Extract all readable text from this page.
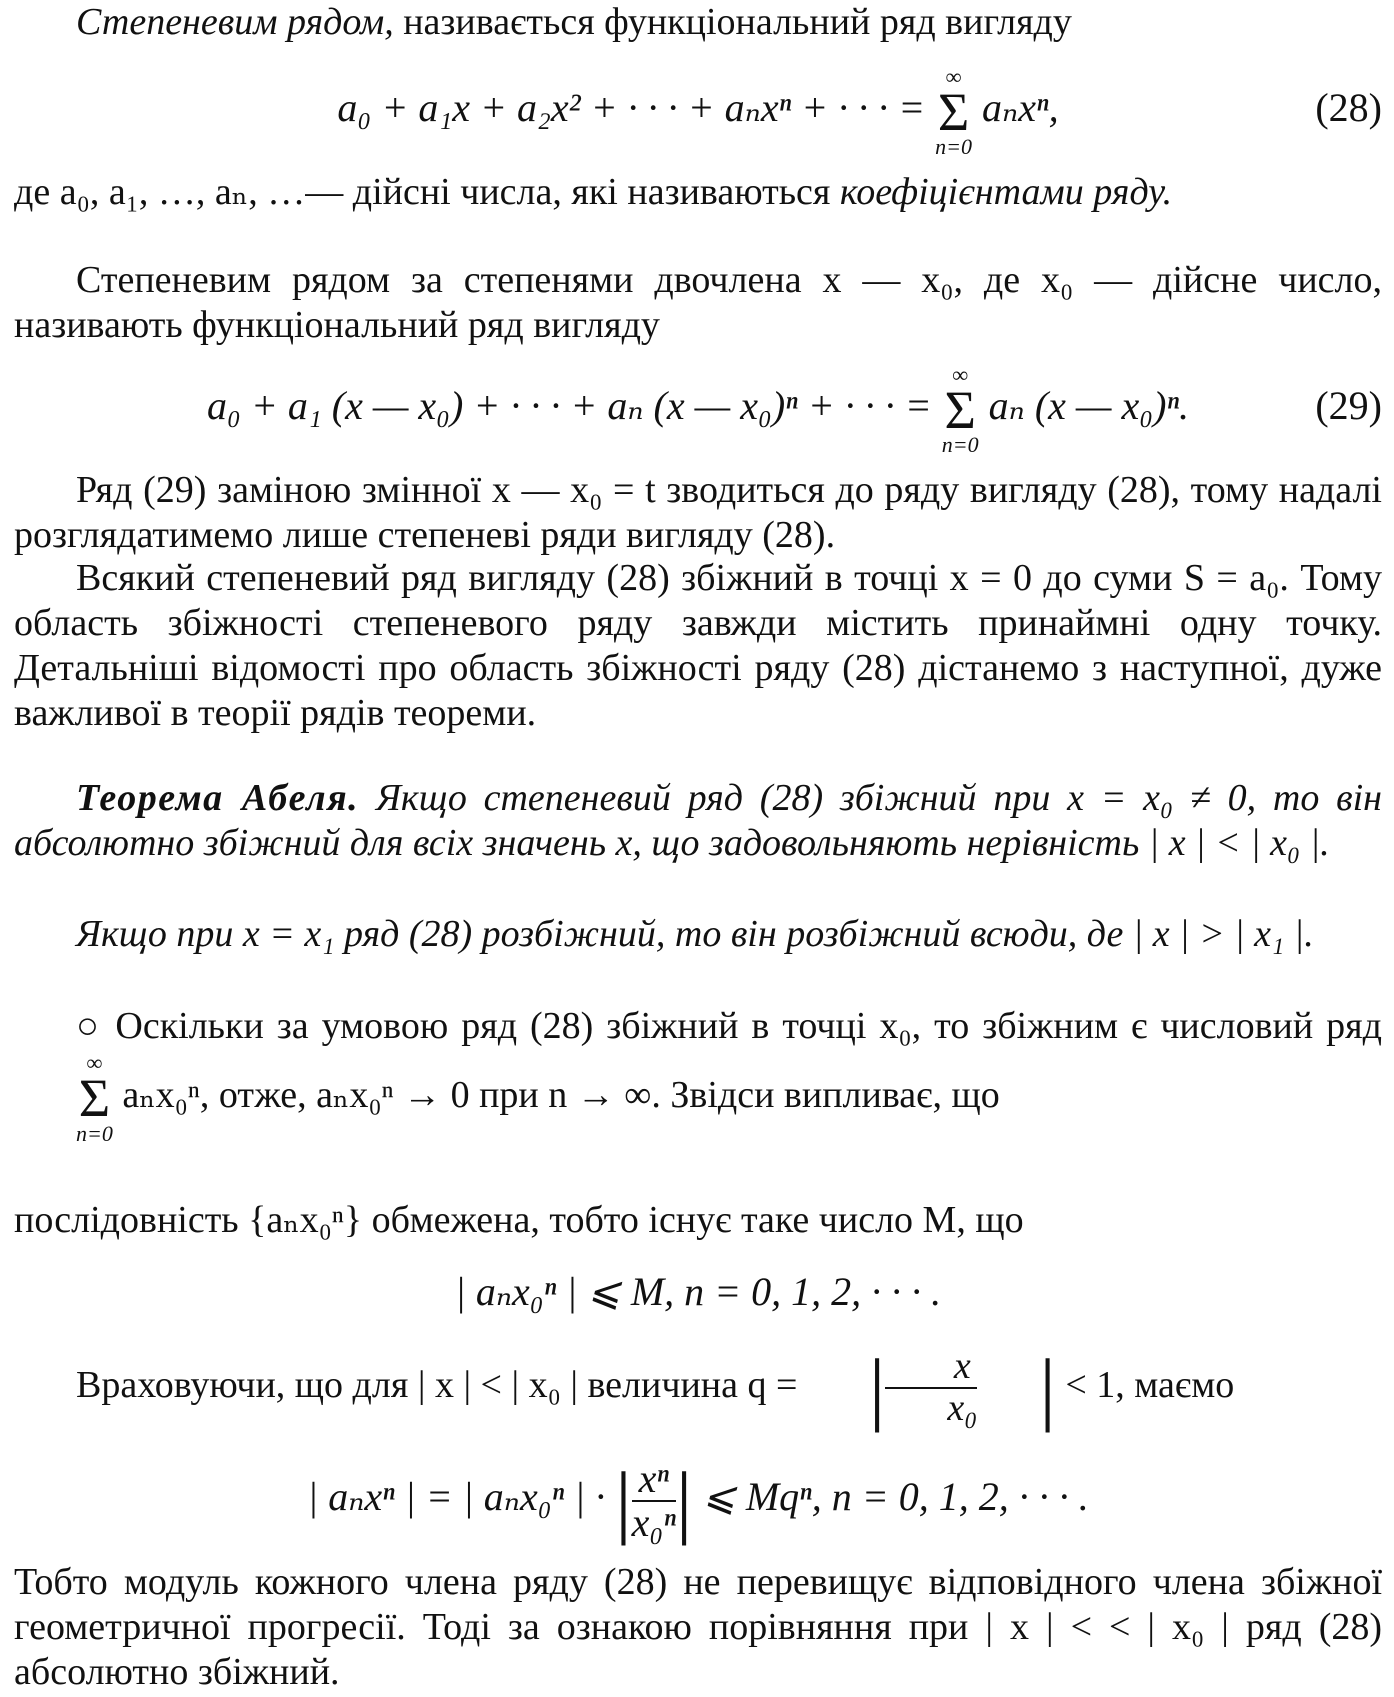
Степеневим рядом, називається функціональний ряд вигляду

a₀ + a₁x + a₂x² + · · · + aₙxⁿ + · · · =
∞
Σ
n=0
aₙxⁿ,	(28)

де a₀, a₁, …, aₙ, …— дійсні числа, які називаються коефіцієнтами ряду.

Степеневим рядом за степенями двочлена x — x₀, де x₀ — дійсне число, називають функціональний ряд вигляду

a₀ + a₁ (x — x₀) + · · · + aₙ (x — x₀)ⁿ + · · · =
∞
Σ
n=0
aₙ (x — x₀)ⁿ.	(29)

Ряд (29) заміною змінної x — x₀ = t зводиться до ряду вигляду (28), тому надалі розглядатимемо лише степеневі ряди вигляду (28).

Всякий степеневий ряд вигляду (28) збіжний в точці x = 0 до суми S = a₀. Тому область збіжності степеневого ряду завжди містить принаймні одну точку. Детальніші відомості про область збіжності ряду (28) дістанемо з наступної, дуже важливої в теорії рядів теореми.

Теорема Абеля. Якщо степеневий ряд (28) збіжний при x = x₀ ≠ 0, то він абсолютно збіжний для всіх значень x, що задовольняють нерівність | x | < | x₀ |.

Якщо при x = x₁ ряд (28) розбіжний, то він розбіжний всюди, де | x | > | x₁ |.

○ Оскільки за умовою ряд (28) збіжний в точці x₀, то збіжним є числовий ряд
∞
Σ
n=0
aₙx₀ⁿ, отже, aₙx₀ⁿ → 0 при n → ∞. Звідси випливає, що

послідовність {aₙx₀ⁿ} обмежена, тобто існує таке число M, що

| aₙx₀ⁿ | ⩽ M, n = 0, 1, 2, · · · .

Враховуючи, що для | x | < | x₀ | величина q = | $\frac{x}{\text{x₀}}$ | < 1, маємо

| aₙxⁿ | = | aₙx₀ⁿ | · | $\frac{\text{xⁿ}}{\text{x₀ⁿ}}$ | ⩽ Mqⁿ, n = 0, 1, 2, · · · .

Тобто модуль кожного члена ряду (28) не перевищує відповідного члена збіжної геометричної прогресії. Тоді за ознакою порівняння при | x | < < | x₀ | ряд (28) абсолютно збіжний.
